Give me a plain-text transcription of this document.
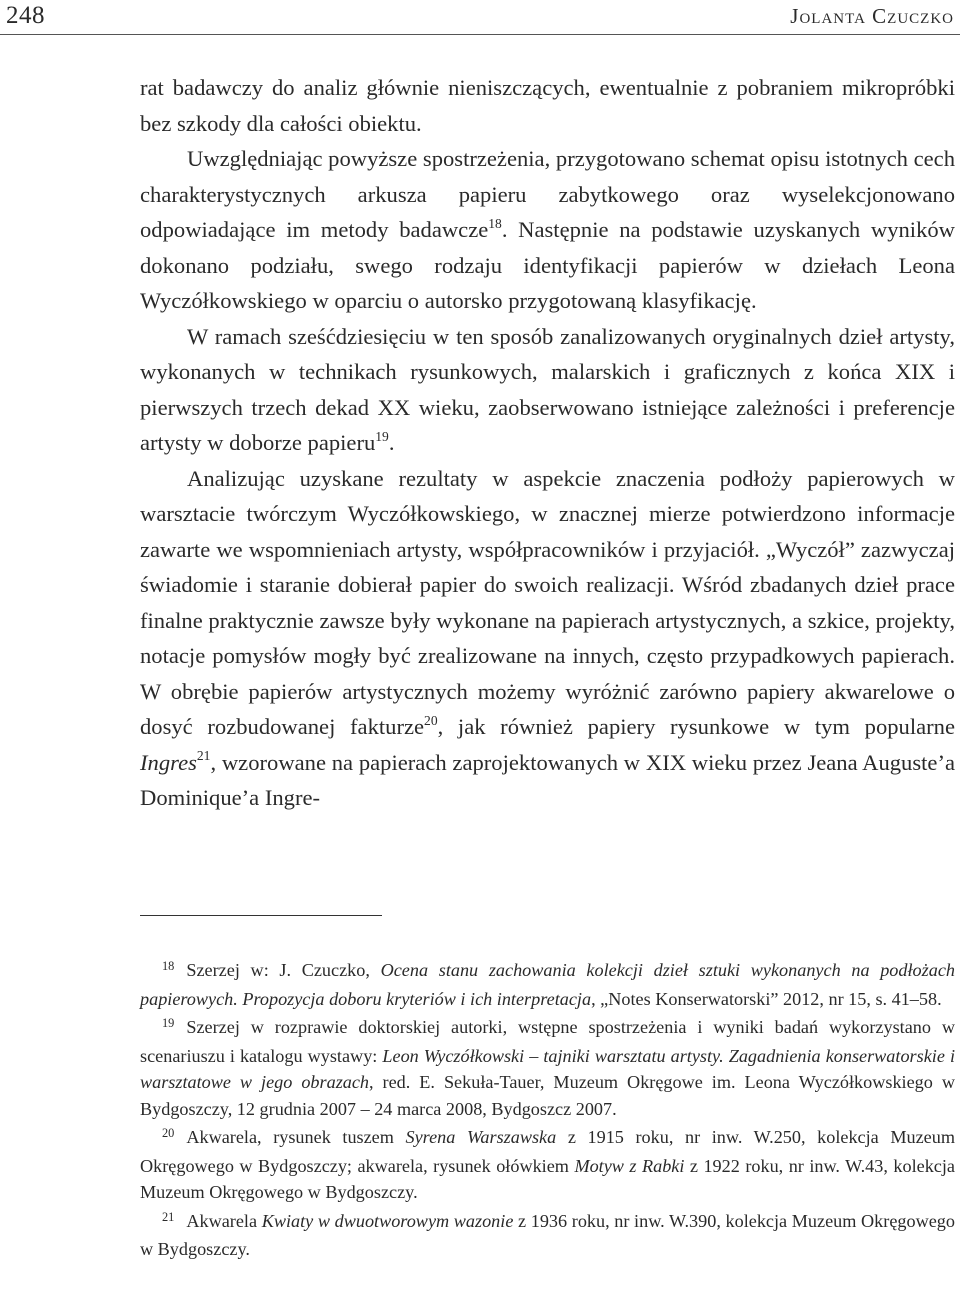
248	Jolanta Czuczko

rat badawczy do analiz głównie nieniszczących, ewentualnie z pobraniem mikropróbki bez szkody dla całości obiektu.

Uwzględniając powyższe spostrzeżenia, przygotowano schemat opisu istotnych cech charakterystycznych arkusza papieru zabytkowego oraz wyselekcjonowano odpowiadające im metody badawcze$^{18}$. Następnie na podstawie uzyskanych wyników dokonano podziału, swego rodzaju identyfikacji papierów w dziełach Leona Wyczółkowskiego w oparciu o autorsko przygotowaną klasyfikację.

W ramach sześćdziesięciu w ten sposób zanalizowanych oryginalnych dzieł artysty, wykonanych w technikach rysunkowych, malarskich i graficznych z końca XIX i pierwszych trzech dekad XX wieku, zaobserwowano istniejące zależności i preferencje artysty w doborze papieru$^{19}$.

Analizując uzyskane rezultaty w aspekcie znaczenia podłoży papierowych w warsztacie twórczym Wyczółkowskiego, w znacznej mierze potwierdzono informacje zawarte we wspomnieniach artysty, współpracowników i przyjaciół. „Wyczół” zazwyczaj świadomie i staranie dobierał papier do swoich realizacji. Wśród zbadanych dzieł prace finalne praktycznie zawsze były wykonane na papierach artystycznych, a szkice, projekty, notacje pomysłów mogły być zrealizowane na innych, często przypadkowych papierach. W obrębie papierów artystycznych możemy wyróżnić zarówno papiery akwarelowe o dosyć rozbudowanej fakturze$^{20}$, jak również papiery rysunkowe w tym popularne Ingres$^{21}$, wzorowane na papierach zaprojektowanych w XIX wieku przez Jeana Auguste’a Dominique’a Ingre-

$^{18}$ Szerzej w: J. Czuczko, Ocena stanu zachowania kolekcji dzieł sztuki wykonanych na podłożach papierowych. Propozycja doboru kryteriów i ich interpretacja, „Notes Konserwatorski” 2012, nr 15, s. 41–58.

$^{19}$ Szerzej w rozprawie doktorskiej autorki, wstępne spostrzeżenia i wyniki badań wykorzystano w scenariuszu i katalogu wystawy: Leon Wyczółkowski – tajniki warsztatu artysty. Zagadnienia konserwatorskie i warsztatowe w jego obrazach, red. E. Sekuła-Tauer, Muzeum Okręgowe im. Leona Wyczółkowskiego w Bydgoszczy, 12 grudnia 2007 – 24 marca 2008, Bydgoszcz 2007.

$^{20}$ Akwarela, rysunek tuszem Syrena Warszawska z 1915 roku, nr inw. W.250, kolekcja Muzeum Okręgowego w Bydgoszczy; akwarela, rysunek ołówkiem Motyw z Rabki z 1922 roku, nr inw. W.43, kolekcja Muzeum Okręgowego w Bydgoszczy.

$^{21}$ Akwarela Kwiaty w dwuotworowym wazonie z 1936 roku, nr inw. W.390, kolekcja Muzeum Okręgowego w Bydgoszczy.
